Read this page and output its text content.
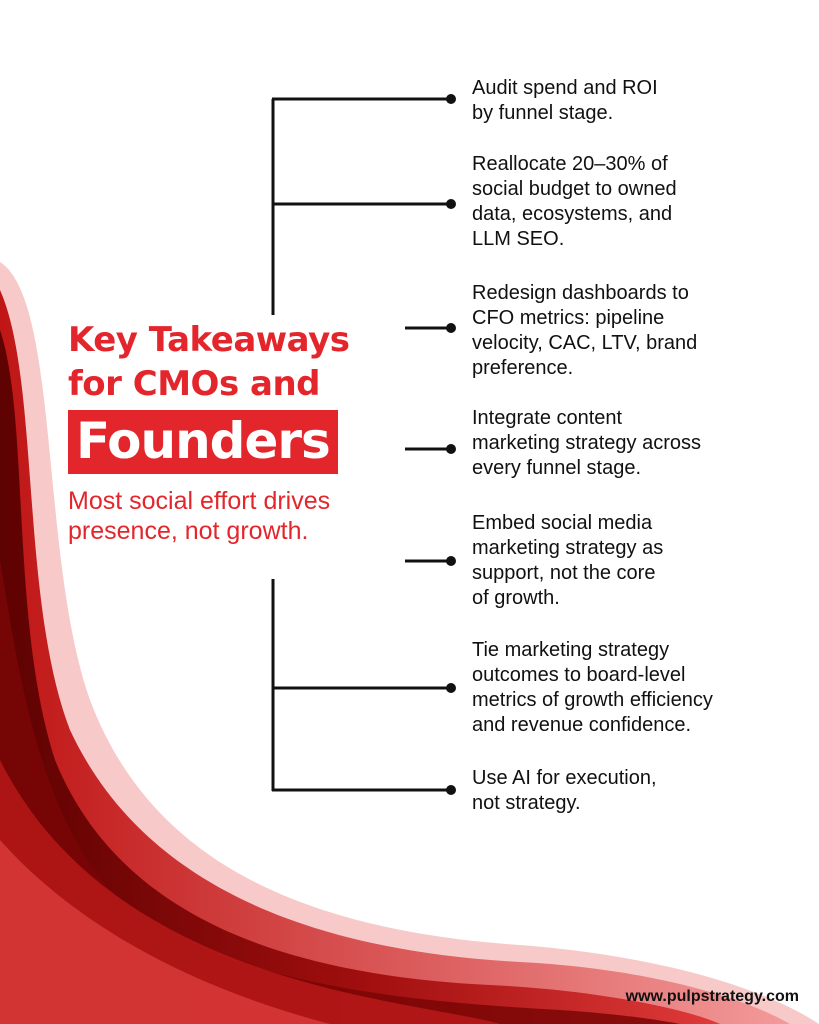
Key Takeaways
for CMOs and
Founders
Most social effort drives
presence, not growth.
Audit spend and ROI
by funnel stage.
Reallocate 20–30% of
social budget to owned
data, ecosystems, and
LLM SEO.
Redesign dashboards to
CFO metrics: pipeline
velocity, CAC, LTV, brand
preference.
Integrate content
marketing strategy across
every funnel stage.
Embed social media
marketing strategy as
support, not the core
of growth.
Tie marketing strategy
outcomes to board-level
metrics of growth efficiency
and revenue confidence.
Use AI for execution,
not strategy.
www.pulpstrategy.com
